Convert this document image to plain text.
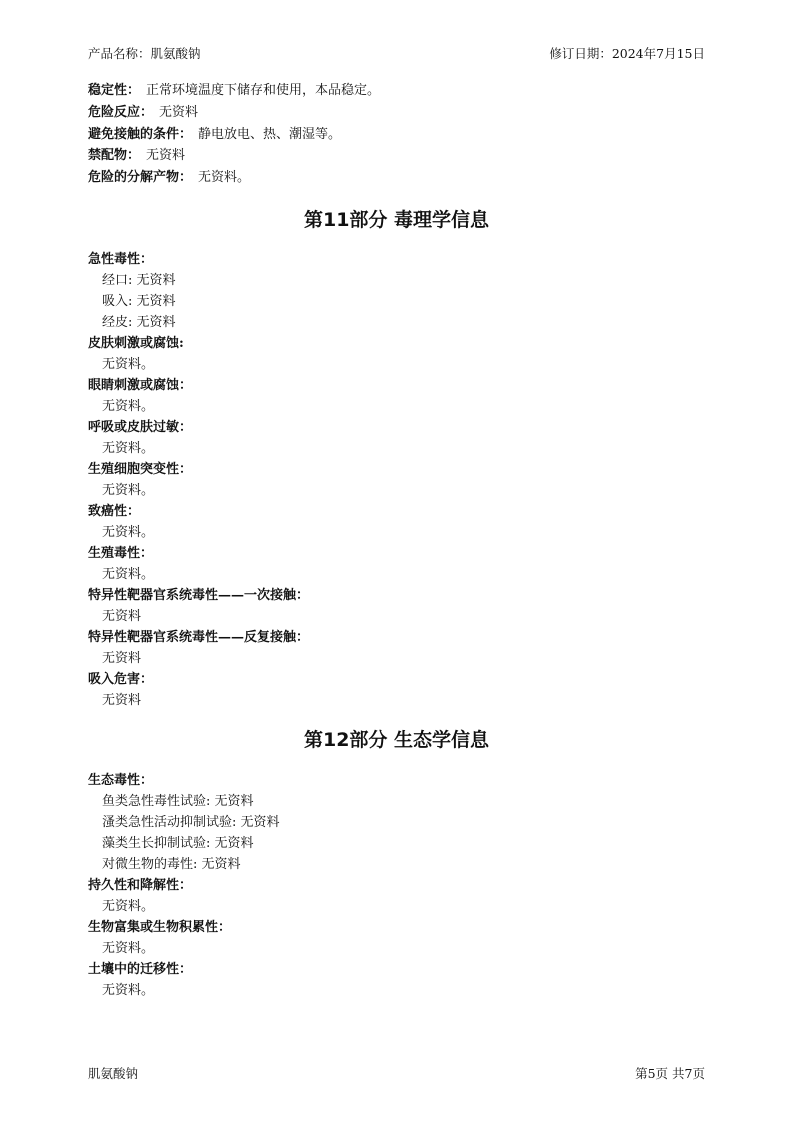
产品名称：肌氨酸钠	修订日期：2024年7月15日
稳定性： 正常环境温度下储存和使用，本品稳定。
危险反应： 无资料
避免接触的条件： 静电放电、热、潮湿等。
禁配物： 无资料
危险的分解产物： 无资料。
第11部分 毒理学信息
急性毒性：
经口: 无资料
吸入: 无资料
经皮: 无资料
皮肤刺激或腐蚀:
无资料。
眼睛刺激或腐蚀：
无资料。
呼吸或皮肤过敏：
无资料。
生殖细胞突变性：
无资料。
致癌性：
无资料。
生殖毒性：
无资料。
特异性靶器官系统毒性——一次接触：
无资料
特异性靶器官系统毒性——反复接触：
无资料
吸入危害：
无资料
第12部分 生态学信息
生态毒性：
鱼类急性毒性试验: 无资料
溞类急性活动抑制试验: 无资料
藻类生长抑制试验: 无资料
对微生物的毒性: 无资料
持久性和降解性：
无资料。
生物富集或生物积累性：
无资料。
土壤中的迁移性：
无资料。
肌氨酸钠	第5页 共7页
